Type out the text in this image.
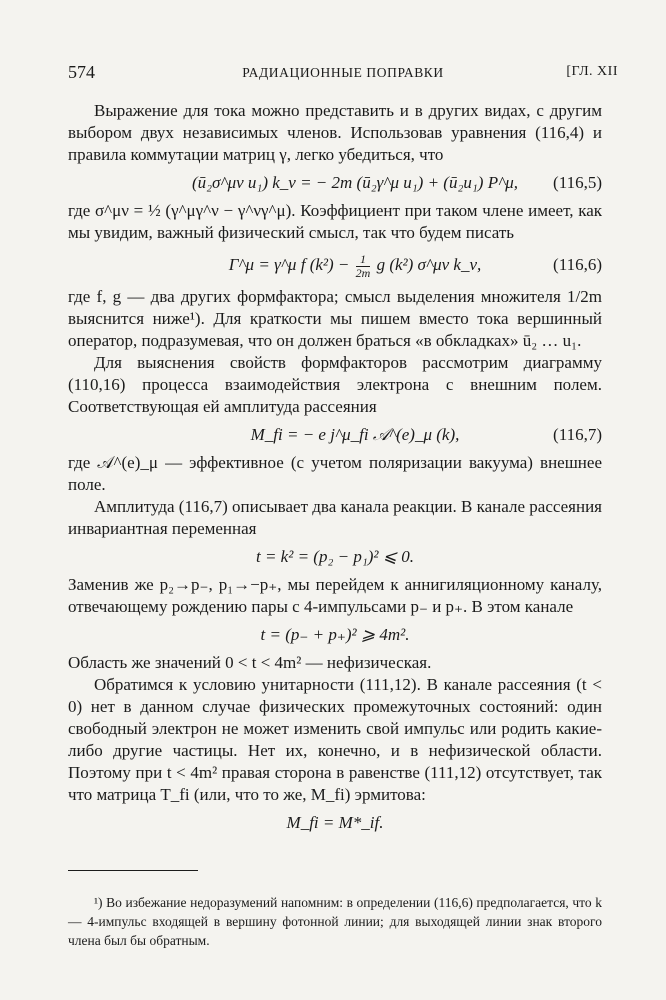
574	РАДИАЦИОННЫЕ ПОПРАВКИ	[ГЛ. XII

Выражение для тока можно представить и в других видах, с другим выбором двух независимых членов. Использовав уравнения (116,4) и правила коммутации матриц γ, легко убедиться, что

(ū₂σ^μν u₁) k_ν = − 2m (ū₂γ^μ u₁) + (ū₂u₁) P^μ, (116,5)

где σ^μν = ½ (γ^μγ^ν − γ^νγ^μ). Коэффициент при таком члене имеет, как мы увидим, важный физический смысл, так что будем писать

Γ^μ = γ^μ f $(k^2) - \frac{1}{2m}$ g (k²) σ^μν k_ν,	(116,6)

где f, g — два других формфактора; смысл выделения множителя 1/2m выяснится ниже¹). Для краткости мы пишем вместо тока вершинный оператор, подразумевая, что он должен браться «в обкладках» ū₂ … u₁.

Для выяснения свойств формфакторов рассмотрим диаграмму (110,16) процесса взаимодействия электрона с внешним полем. Соответствующая ей амплитуда рассеяния

M_fi = − e j^μ_fi 𝒜^(e)_μ (k),	(116,7)

где 𝒜^(e)_μ — эффективное (с учетом поляризации вакуума) внешнее поле.

Амплитуда (116,7) описывает два канала реакции. В канале рассеяния инвариантная переменная

t = k² = (p₂ − p₁)² ⩽ 0.

Заменив же p₂→p₋, p₁→−p₊, мы перейдем к аннигиляционному каналу, отвечающему рождению пары с 4-импульсами p₋ и p₊. В этом канале

t = (p₋ + p₊)² ⩾ 4m².

Область же значений 0 < t < 4m² — нефизическая.

Обратимся к условию унитарности (111,12). В канале рассеяния (t < 0) нет в данном случае физических промежуточных состояний: один свободный электрон не может изменить свой импульс или родить какие-либо другие частицы. Нет их, конечно, и в нефизической области. Поэтому при t < 4m² правая сторона в равенстве (111,12) отсутствует, так что матрица T_fi (или, что то же, M_fi) эрмитова:

M_fi = M*_if.

¹) Во избежание недоразумений напомним: в определении (116,6) предполагается, что k — 4-импульс входящей в вершину фотонной линии; для выходящей линии знак второго члена был бы обратным.
